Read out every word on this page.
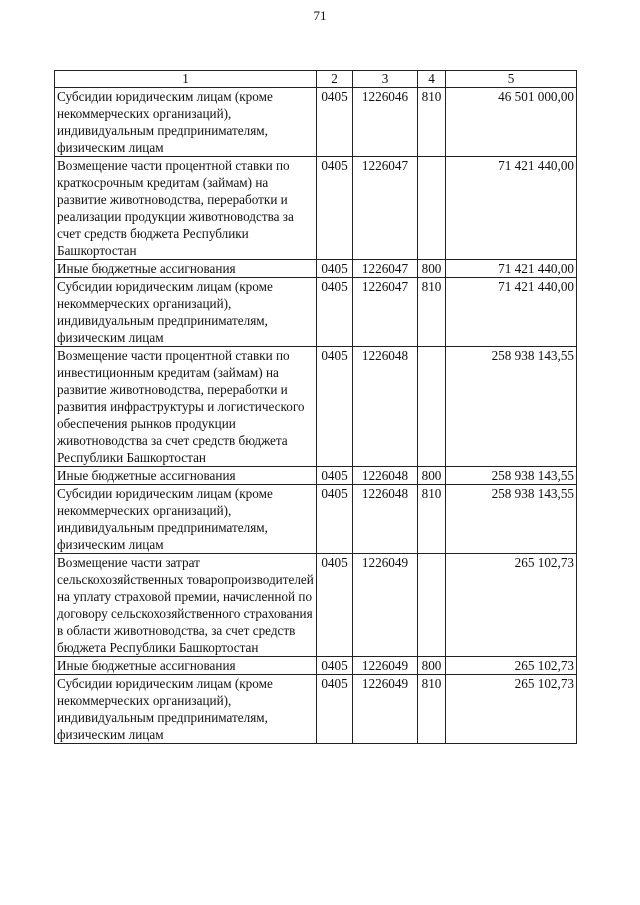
71
1	2	3	4	5
Субсидии юридическим лицам (кроме некоммерческих организаций), индивидуальным предпринимателям, физическим лицам	0405	1226046	810	46 501 000,00
Возмещение части процентной ставки по краткосрочным кредитам (займам) на развитие животноводства, переработки и реализации продукции животноводства за счет средств бюджета Республики Башкортостан	0405	1226047		71 421 440,00
Иные бюджетные ассигнования	0405	1226047	800	71 421 440,00
Субсидии юридическим лицам (кроме некоммерческих организаций), индивидуальным предпринимателям, физическим лицам	0405	1226047	810	71 421 440,00
Возмещение части процентной ставки по инвестиционным кредитам (займам) на развитие животноводства, переработки и развития инфраструктуры и логистического обеспечения рынков продукции животноводства за счет средств бюджета Республики Башкортостан	0405	1226048		258 938 143,55
Иные бюджетные ассигнования	0405	1226048	800	258 938 143,55
Субсидии юридическим лицам (кроме некоммерческих организаций), индивидуальным предпринимателям, физическим лицам	0405	1226048	810	258 938 143,55
Возмещение части затрат сельскохозяйственных товаропроизводителей на уплату страховой премии, начисленной по договору сельскохозяйственного страхования в области животноводства, за счет средств бюджета Республики Башкортостан	0405	1226049		265 102,73
Иные бюджетные ассигнования	0405	1226049	800	265 102,73
Субсидии юридическим лицам (кроме некоммерческих организаций), индивидуальным предпринимателям, физическим лицам	0405	1226049	810	265 102,73
